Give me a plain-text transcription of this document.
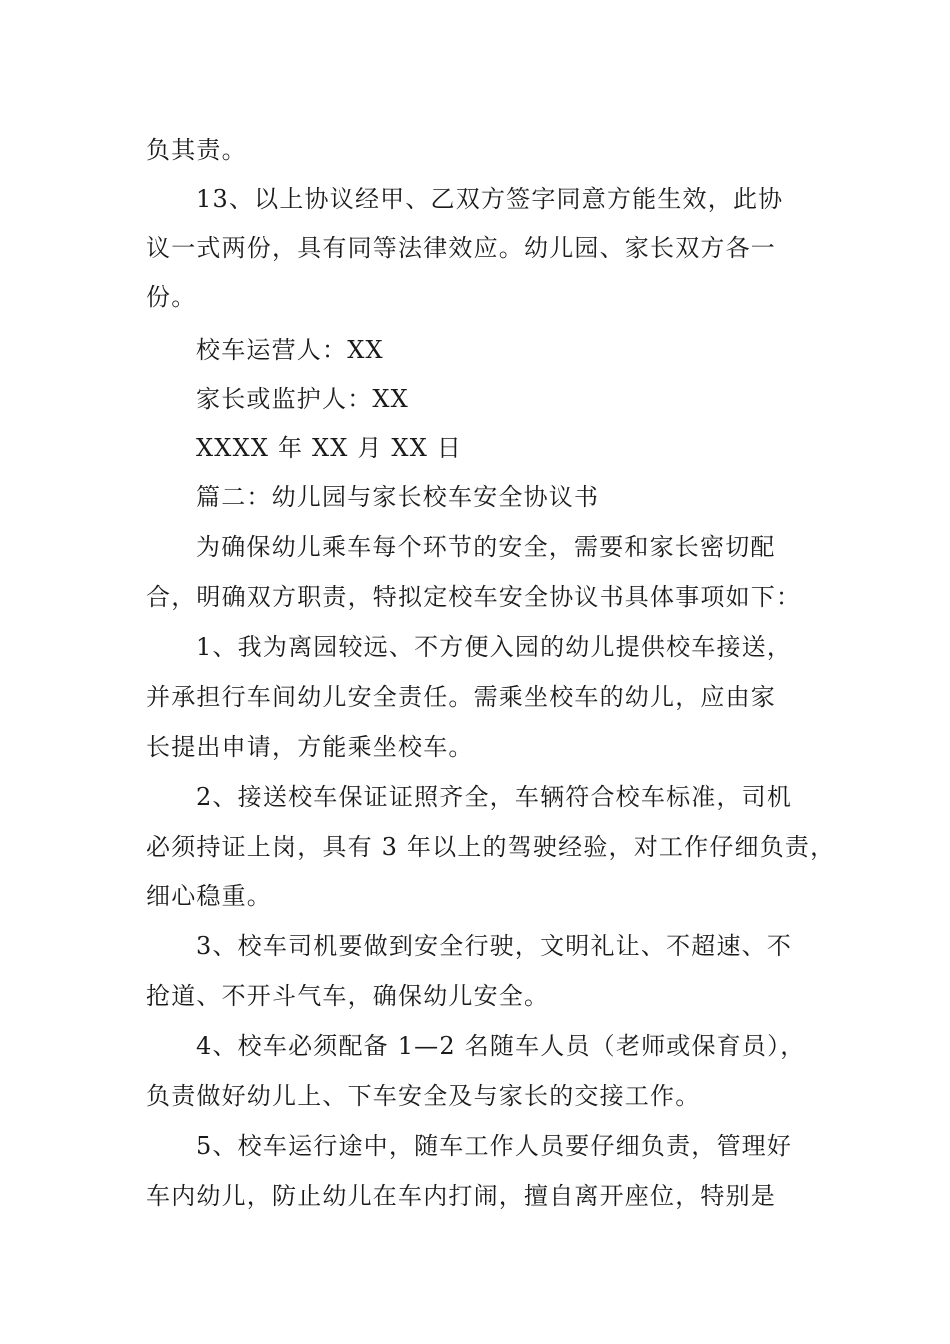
负其责。
13、以上协议经甲、乙双方签字同意方能生效，此协
议一式两份，具有同等法律效应。幼儿园、家长双方各一
份。
校车运营人：XX
家长或监护人：XX
XXXX 年 XX 月 XX 日
篇二：幼儿园与家长校车安全协议书
为确保幼儿乘车每个环节的安全，需要和家长密切配
合，明确双方职责，特拟定校车安全协议书具体事项如下：
1、我为离园较远、不方便入园的幼儿提供校车接送，
并承担行车间幼儿安全责任。需乘坐校车的幼儿，应由家
长提出申请，方能乘坐校车。
2、接送校车保证证照齐全，车辆符合校车标准，司机
必须持证上岗，具有 3 年以上的驾驶经验，对工作仔细负责，
细心稳重。
3、校车司机要做到安全行驶，文明礼让、不超速、不
抢道、不开斗气车，确保幼儿安全。
4、校车必须配备 1—2 名随车人员（老师或保育员），
负责做好幼儿上、下车安全及与家长的交接工作。
5、校车运行途中，随车工作人员要仔细负责，管理好
车内幼儿，防止幼儿在车内打闹，擅自离开座位，特别是
